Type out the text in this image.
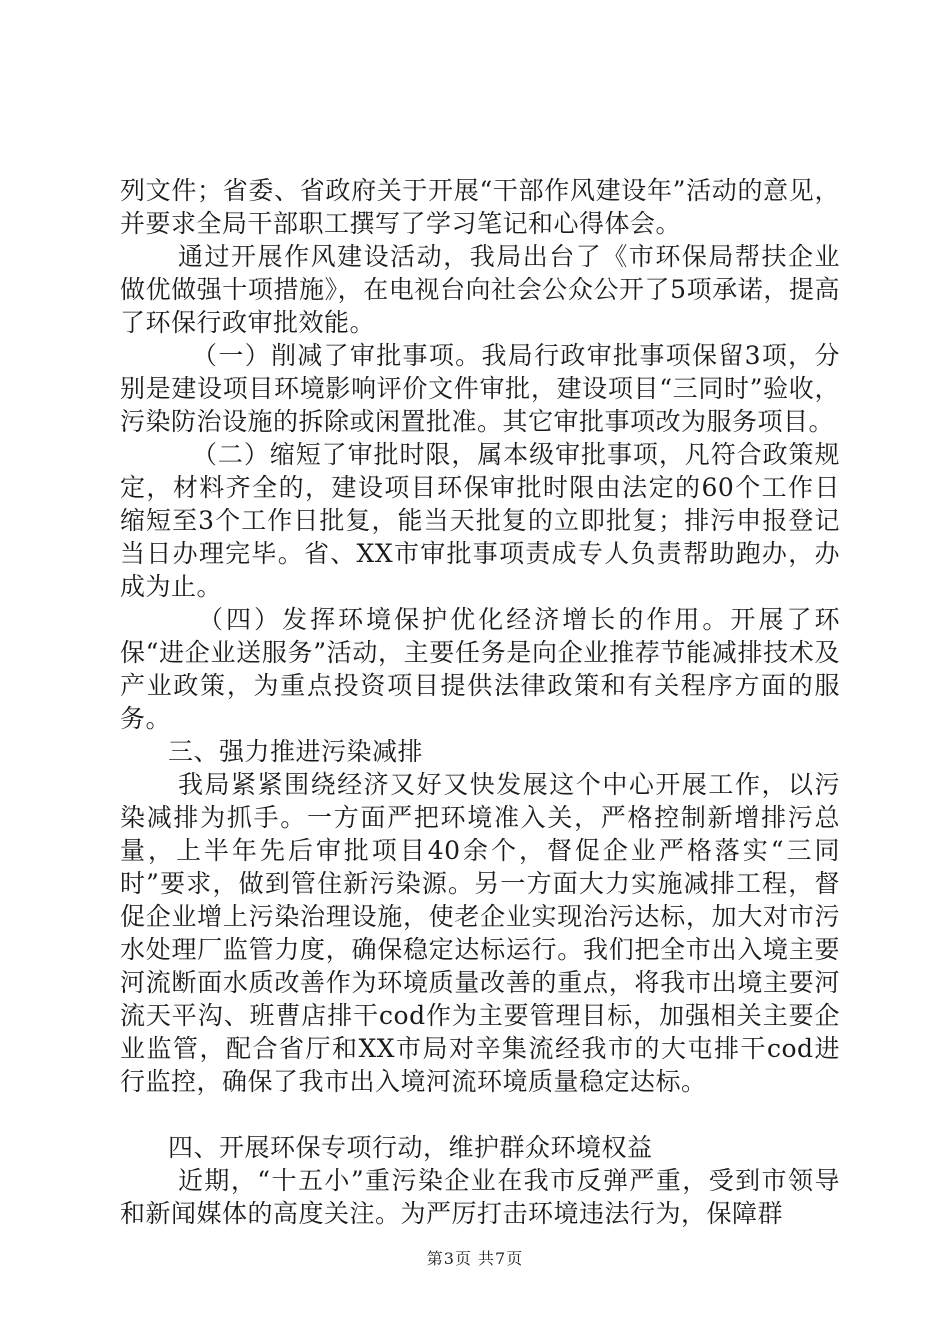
列文件；省委、省政府关于开展“干部作风建设年”活动的意见，并要求全局干部职工撰写了学习笔记和心得体会。

通过开展作风建设活动，我局出台了《市环保局帮扶企业做优做强十项措施》，在电视台向社会公众公开了5项承诺，提高了环保行政审批效能。

（一）削减了审批事项。我局行政审批事项保留3项，分别是建设项目环境影响评价文件审批，建设项目“三同时”验收，污染防治设施的拆除或闲置批准。其它审批事项改为服务项目。

（二）缩短了审批时限，属本级审批事项，凡符合政策规定，材料齐全的，建设项目环保审批时限由法定的60个工作日缩短至3个工作日批复，能当天批复的立即批复；排污申报登记当日办理完毕。省、XX市审批事项责成专人负责帮助跑办，办成为止。

（四）发挥环境保护优化经济增长的作用。开展了环保“进企业送服务”活动，主要任务是向企业推荐节能减排技术及产业政策，为重点投资项目提供法律政策和有关程序方面的服务。

三、强力推进污染减排

我局紧紧围绕经济又好又快发展这个中心开展工作，以污染减排为抓手。一方面严把环境准入关，严格控制新增排污总量，上半年先后审批项目40余个，督促企业严格落实“三同时”要求，做到管住新污染源。另一方面大力实施减排工程，督促企业增上污染治理设施，使老企业实现治污达标，加大对市污水处理厂监管力度，确保稳定达标运行。我们把全市出入境主要河流断面水质改善作为环境质量改善的重点，将我市出境主要河流天平沟、班曹店排干cod作为主要管理目标，加强相关主要企业监管，配合省厅和XX市局对辛集流经我市的大屯排干cod进行监控，确保了我市出入境河流环境质量稳定达标。

四、开展环保专项行动，维护群众环境权益

近期，“十五小”重污染企业在我市反弹严重，受到市领导和新闻媒体的高度关注。为严厉打击环境违法行为，保障群

第3页 共7页
